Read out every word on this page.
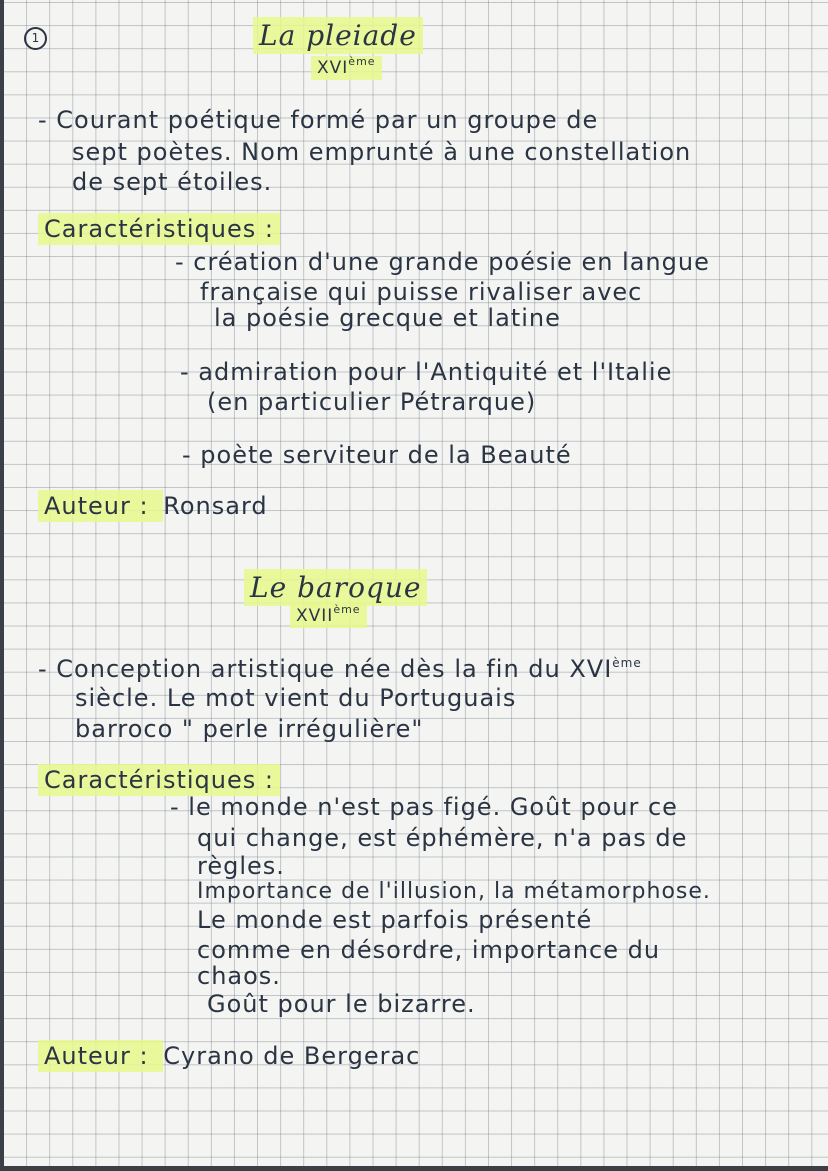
1	La pleiade
XVIème
- Courant poétique formé par un groupe de
sept poètes. Nom emprunté à une constellation
de sept étoiles.
Caractéristiques :
- création d'une grande poésie en langue
française qui puisse rivaliser avec
la poésie grecque et latine
- admiration pour l'Antiquité et l'Italie
(en particulier Pétrarque)
- poète serviteur de la Beauté
Auteur : Ronsard
Le baroque
XVIIème
- Conception artistique née dès la fin du XVIème
siècle. Le mot vient du Portuguais
barroco " perle irrégulière"
Caractéristiques :
- le monde n'est pas figé. Goût pour ce
qui change, est éphémère, n'a pas de
règles.
Importance de l'illusion, la métamorphose.
Le monde est parfois présenté
comme en désordre, importance du
chaos.
Goût pour le bizarre.
Auteur : Cyrano de Bergerac
